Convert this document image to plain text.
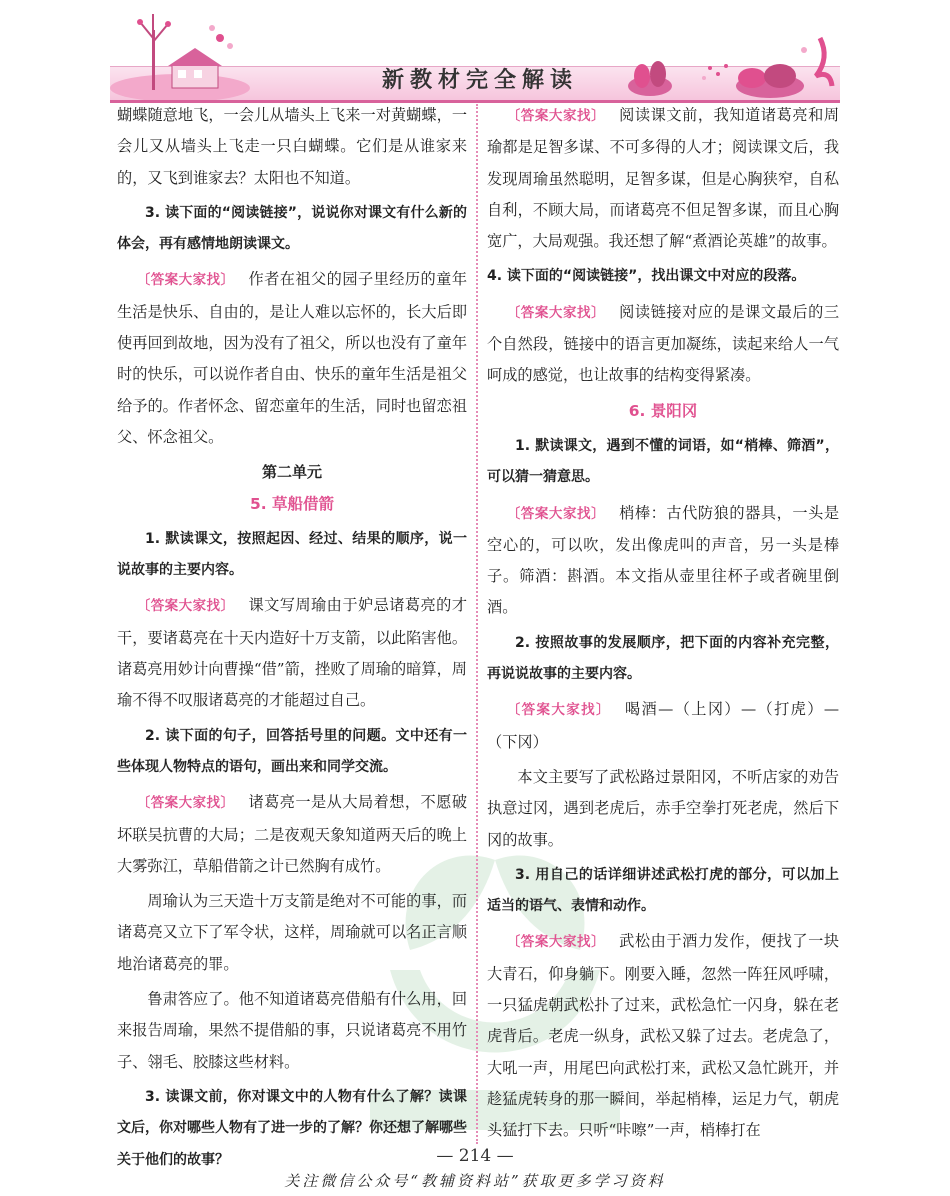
新教材完全解读

蝴蝶随意地飞，一会儿从墙头上飞来一对黄蝴蝶，一会儿又从墙头上飞走一只白蝴蝶。它们是从谁家来的，又飞到谁家去？太阳也不知道。

3. 读下面的“阅读链接”，说说你对课文有什么新的体会，再有感情地朗读课文。

〔答案大家找〕 作者在祖父的园子里经历的童年生活是快乐、自由的，是让人难以忘怀的，长大后即使再回到故地，因为没有了祖父，所以也没有了童年时的快乐，可以说作者自由、快乐的童年生活是祖父给予的。作者怀念、留恋童年的生活，同时也留恋祖父、怀念祖父。

第二单元

5. 草船借箭

1. 默读课文，按照起因、经过、结果的顺序，说一说故事的主要内容。

〔答案大家找〕 课文写周瑜由于妒忌诸葛亮的才干，要诸葛亮在十天内造好十万支箭，以此陷害他。诸葛亮用妙计向曹操“借”箭，挫败了周瑜的暗算，周瑜不得不叹服诸葛亮的才能超过自己。

2. 读下面的句子，回答括号里的问题。文中还有一些体现人物特点的语句，画出来和同学交流。

〔答案大家找〕 诸葛亮一是从大局着想，不愿破坏联吴抗曹的大局；二是夜观天象知道两天后的晚上大雾弥江，草船借箭之计已然胸有成竹。

周瑜认为三天造十万支箭是绝对不可能的事，而诸葛亮又立下了军令状，这样，周瑜就可以名正言顺地治诸葛亮的罪。

鲁肃答应了。他不知道诸葛亮借船有什么用，回来报告周瑜，果然不提借船的事，只说诸葛亮不用竹子、翎毛、胶膝这些材料。

3. 读课文前，你对课文中的人物有什么了解？读课文后，你对哪些人物有了进一步的了解？你还想了解哪些关于他们的故事？

〔答案大家找〕 阅读课文前，我知道诸葛亮和周瑜都是足智多谋、不可多得的人才；阅读课文后，我发现周瑜虽然聪明，足智多谋，但是心胸狭窄，自私自利，不顾大局，而诸葛亮不但足智多谋，而且心胸宽广，大局观强。我还想了解“煮酒论英雄”的故事。

4. 读下面的“阅读链接”，找出课文中对应的段落。

〔答案大家找〕 阅读链接对应的是课文最后的三个自然段，链接中的语言更加凝练，读起来给人一气呵成的感觉，也让故事的结构变得紧凑。

6. 景阳冈

1. 默读课文，遇到不懂的词语，如“梢棒、筛酒”，可以猜一猜意思。

〔答案大家找〕 梢棒：古代防狼的器具，一头是空心的，可以吹，发出像虎叫的声音，另一头是棒子。筛酒：斟酒。本文指从壶里往杯子或者碗里倒酒。

2. 按照故事的发展顺序，把下面的内容补充完整，再说说故事的主要内容。

〔答案大家找〕 喝酒—（上冈）—（打虎）—（下冈）

本文主要写了武松路过景阳冈，不听店家的劝告执意过冈，遇到老虎后，赤手空拳打死老虎，然后下冈的故事。

3. 用自己的话详细讲述武松打虎的部分，可以加上适当的语气、表情和动作。

〔答案大家找〕 武松由于酒力发作，便找了一块大青石，仰身躺下。刚要入睡，忽然一阵狂风呼啸，一只猛虎朝武松扑了过来，武松急忙一闪身，躲在老虎背后。老虎一纵身，武松又躲了过去。老虎急了，大吼一声，用尾巴向武松打来，武松又急忙跳开，并趁猛虎转身的那一瞬间，举起梢棒，运足力气，朝虎头猛打下去。只听“咔嚓”一声，梢棒打在

— 214 —
关注微信公众号“教辅资料站”获取更多学习资料
